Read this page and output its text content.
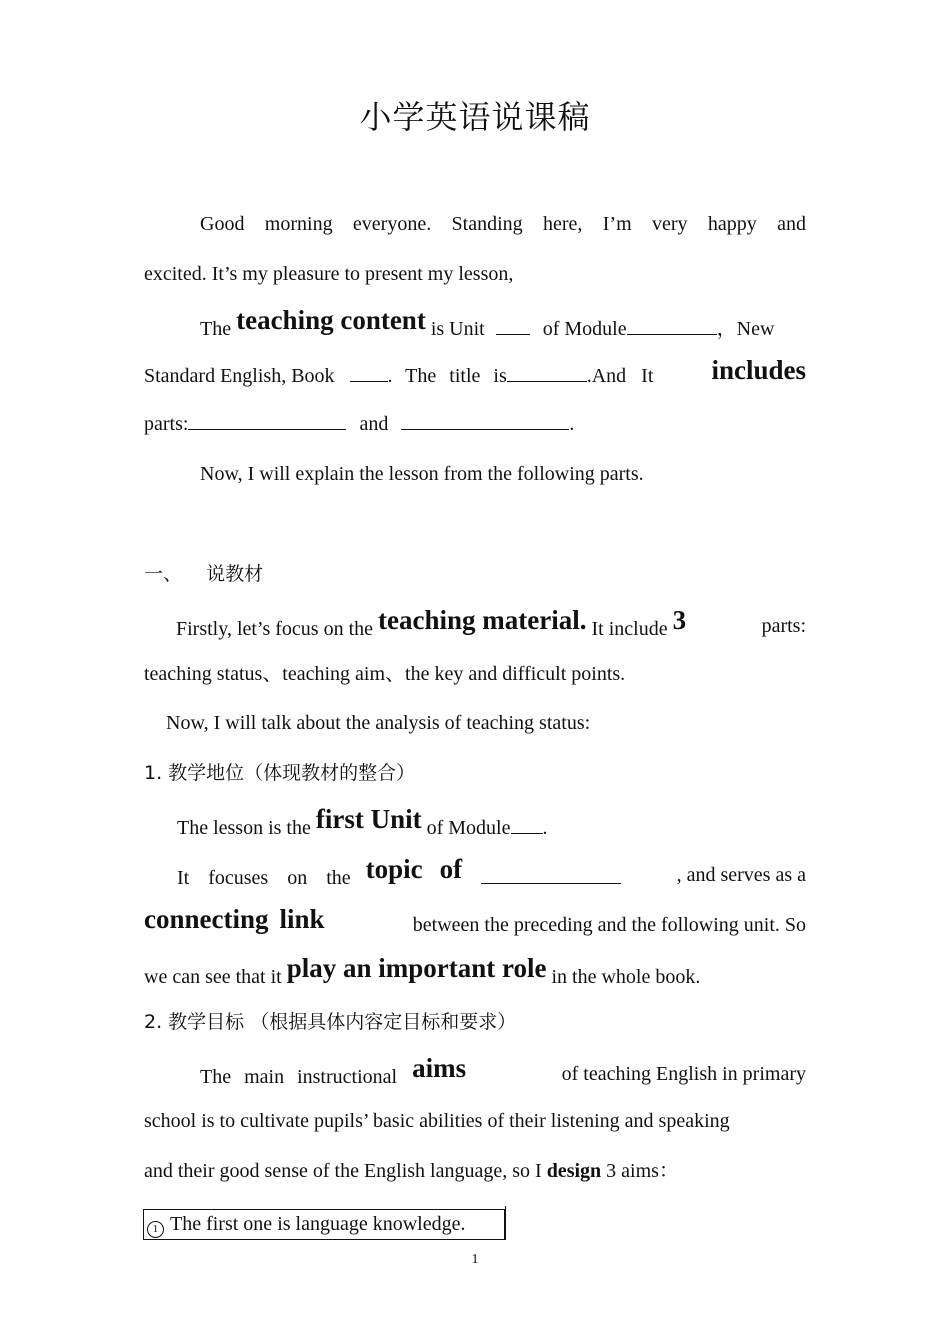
小学英语说课稿
Good morning everyone. Standing here, I’m very happy and
excited. It’s my pleasure to present my lesson,
The teaching content is Unit	of Module	，New
Standard English, Book	. The title is	.And It includes
parts:	and	.
Now, I will explain the lesson from the following parts.
一、 说教材
Firstly, let’s focus on the teaching material. It include 3	parts:
teaching status、teaching aim、the key and difficult points.
Now, I will talk about the analysis of teaching status:
1. 教学地位（体现教材的整合）
The lesson is the first Unit of Module .
It focuses on the topic of	, and serves as a
connecting link	between the preceding and the following unit. So
we can see that it play an important role in the whole book.
2. 教学目标 （根据具体内容定目标和要求）
The main instructional aims	of teaching English in primary
school is to cultivate pupils’ basic abilities of their listening and speaking
and their good sense of the English language, so I design 3 aims：
1 The first one is language knowledge.
1
